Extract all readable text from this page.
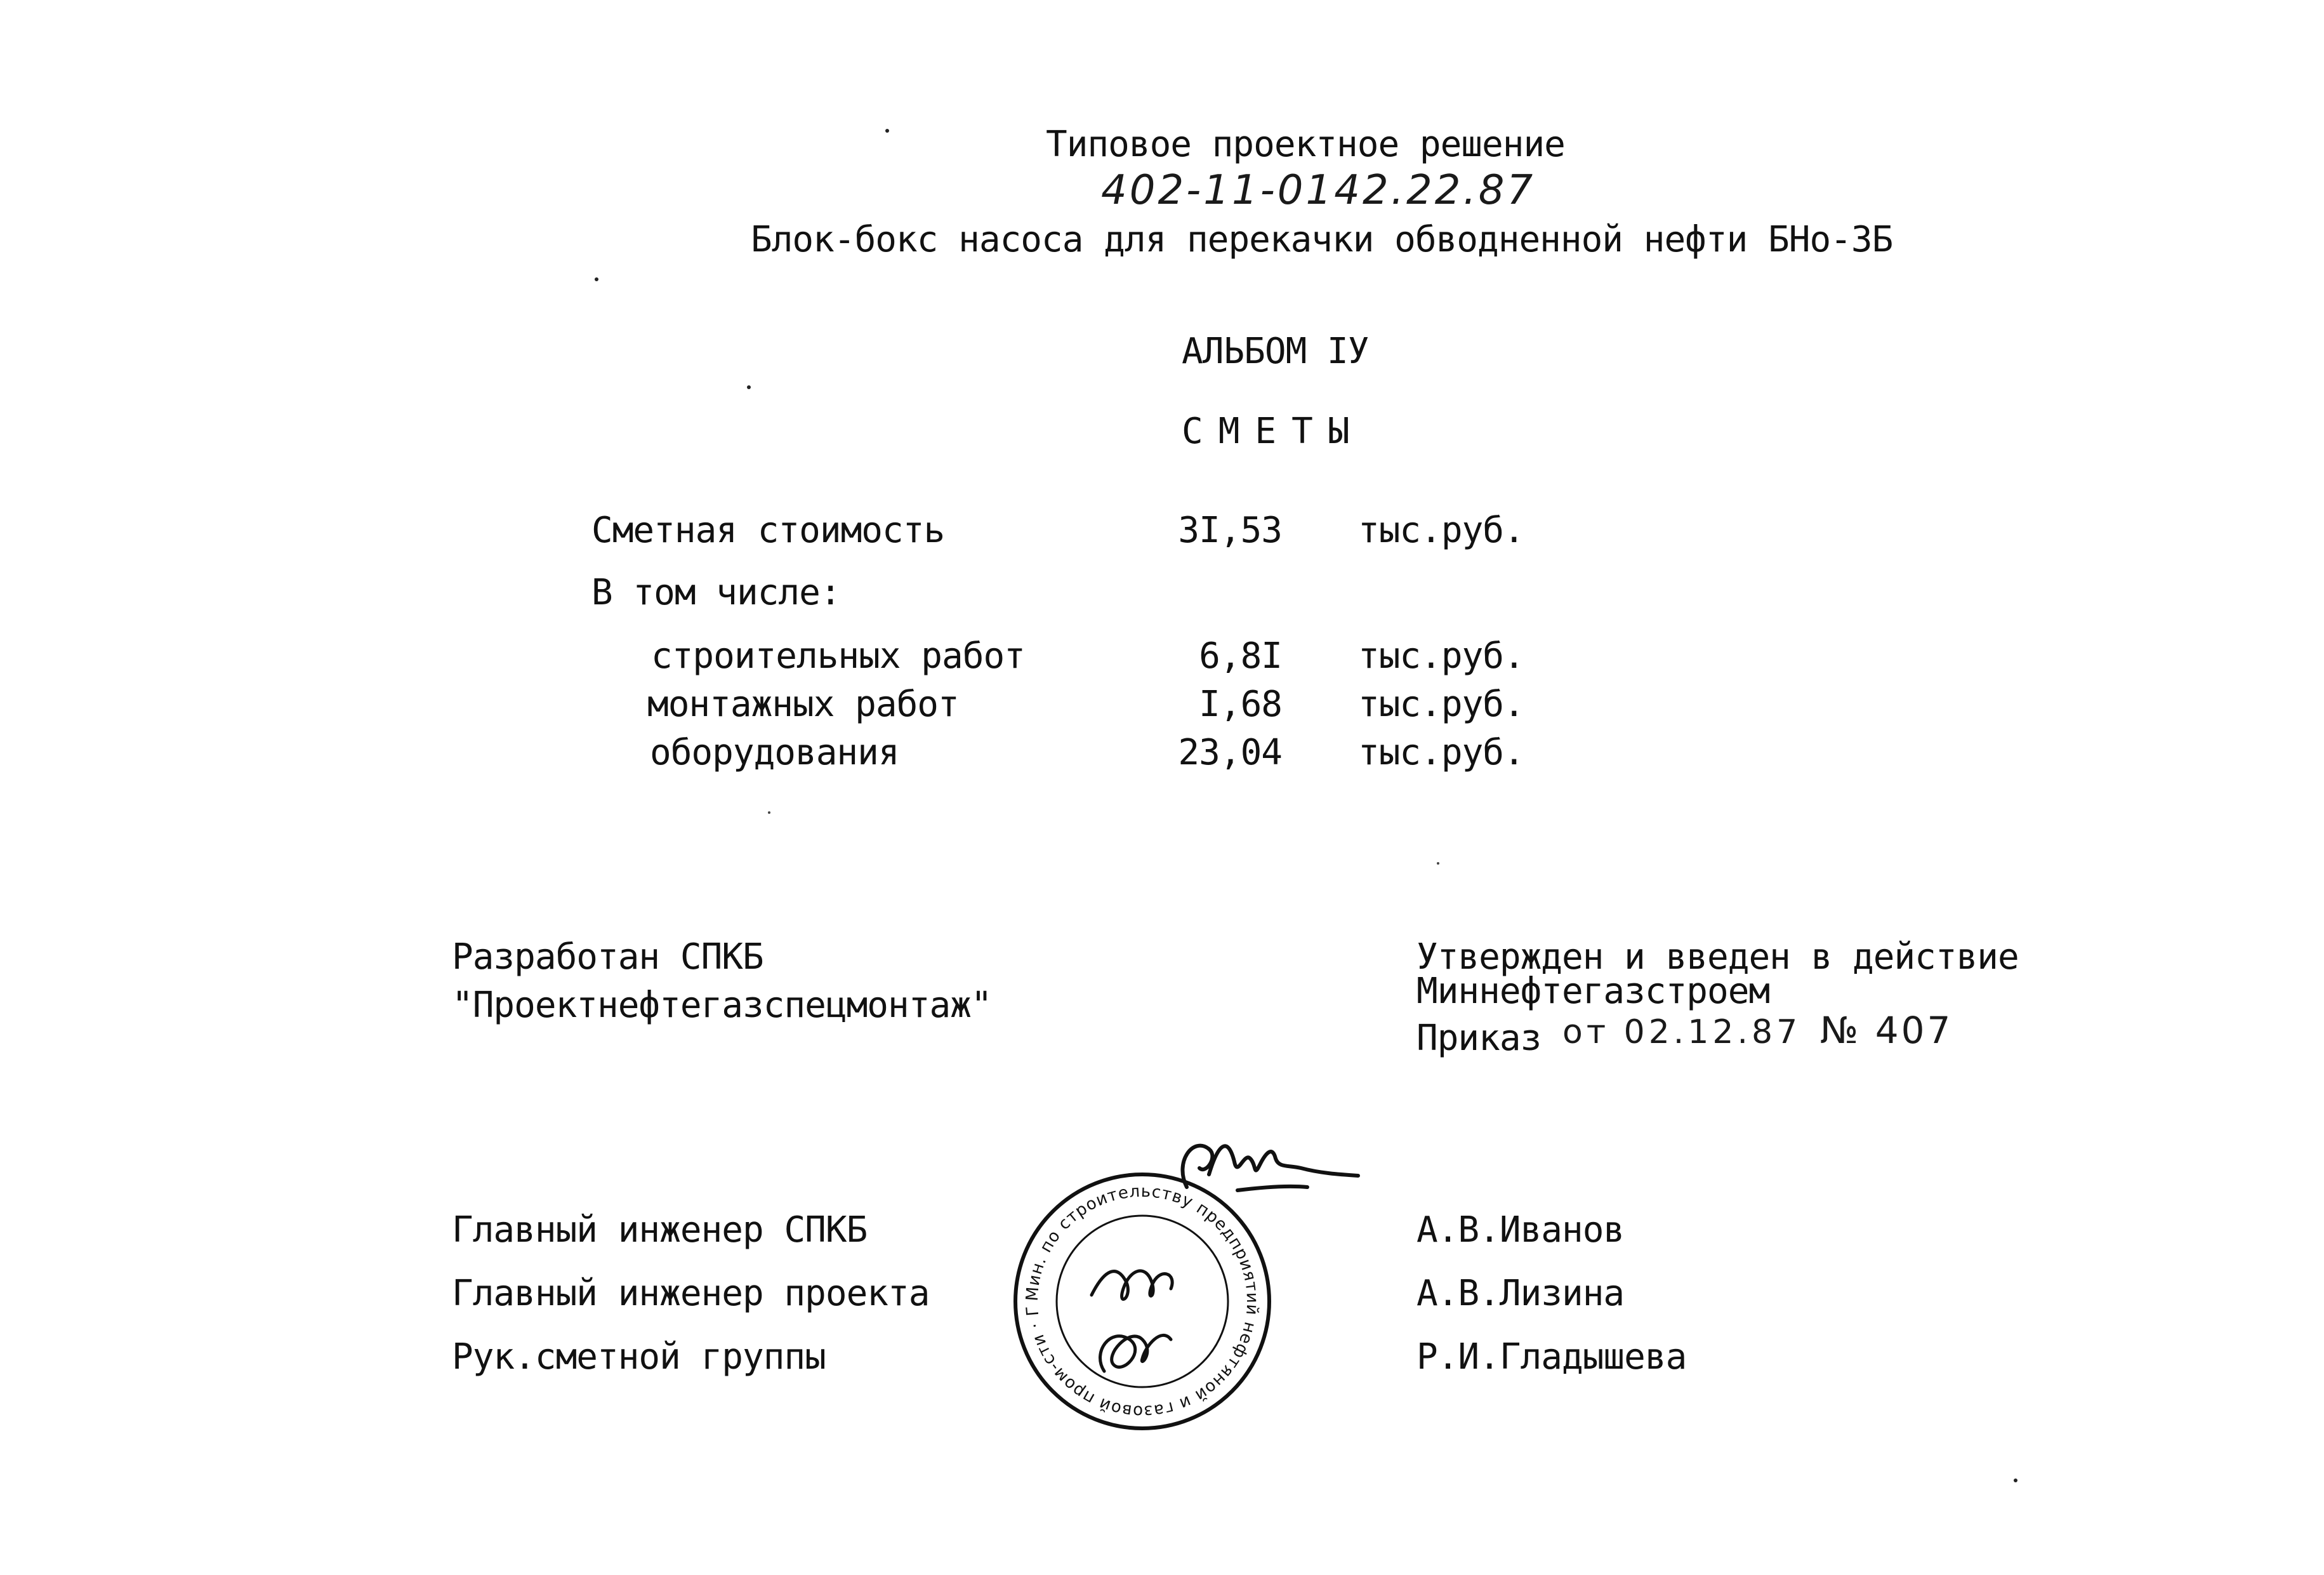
Типовое проектное решение
402-11-0142.22.87
Блок-бокс насоса для перекачки обводненной нефти БНо-ЗБ
АЛЬБОМ IУ
СМЕТЫ
Сметная стоимость	3I,53 тыс.руб.
В том числе:
строительных работ	6,8I тыс.руб.
монтажных работ	I,68 тыс.руб.
оборудования	23,04 тыс.руб.
Разработан СПКБ
"Проектнефтегазспецмонтаж"
Утвержден и введен в действие
Миннефтегазстроем
Приказ от 02.12.87 № 407
Главный инженер СПКБ	А.В.Иванов
Главный инженер проекта	А.В.Лизина
Рук.сметной группы	Р.И.Гладышева
Мин. по строительству предприятий нефтяной и газовой пром-сти · Главное управление · Спец. проект. конструкторск. бюро · Техническое
